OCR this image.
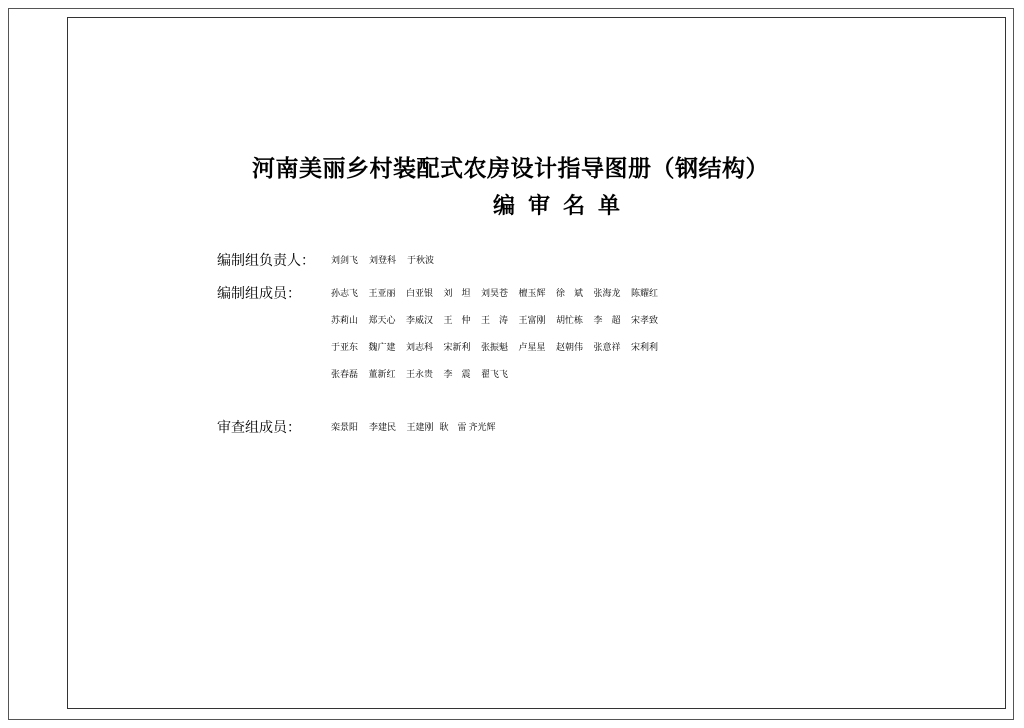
河南美丽乡村装配式农房设计指导图册（钢结构）
编审名单
编制组负责人： 刘剑飞	刘登科	于秋波
编制组成员：	孙志飞	王亚丽	白亚银	刘　坦	刘昊苍	檀玉辉	徐　斌	张海龙	陈耀红
苏莉山	郑天心	李威汉	王　仲	王　涛	王富刚	胡忙栋	李　超	宋孝致
于亚东	魏广建	刘志科	宋新利	张振魁	卢星星	赵朝伟	张意祥	宋利利
张春磊	董新红	王永贵	李　震	翟飞飞
审查组成员：	栾景阳	李建民	王建刚 耿　雷 齐光辉
